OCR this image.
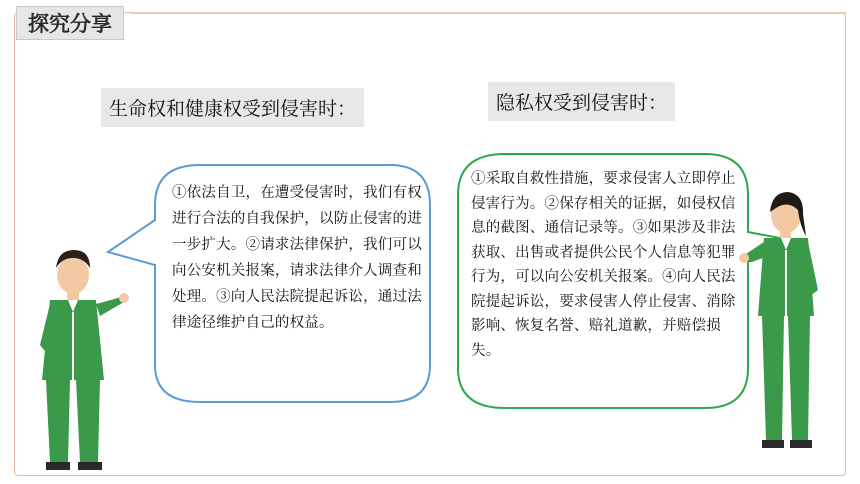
探究分享
生命权和健康权受到侵害时：	隐私权受到侵害时：
①依法自卫，在遭受侵害时，我们有权进行合法的自我保护，以防止侵害的进一步扩大。②请求法律保护，我们可以向公安机关报案，请求法律介人调查和处理。③向人民法院提起诉讼，通过法律途径维护自己的权益。
①采取自救性措施，要求侵害人立即停止侵害行为。②保存相关的证据，如侵权信息的截图、通信记录等。③如果涉及非法获取、出售或者提供公民个人信息等犯罪行为，可以向公安机关报案。④向人民法院提起诉讼，要求侵害人停止侵害、消除影响、恢复名誉、赔礼道歉，并赔偿损失。
